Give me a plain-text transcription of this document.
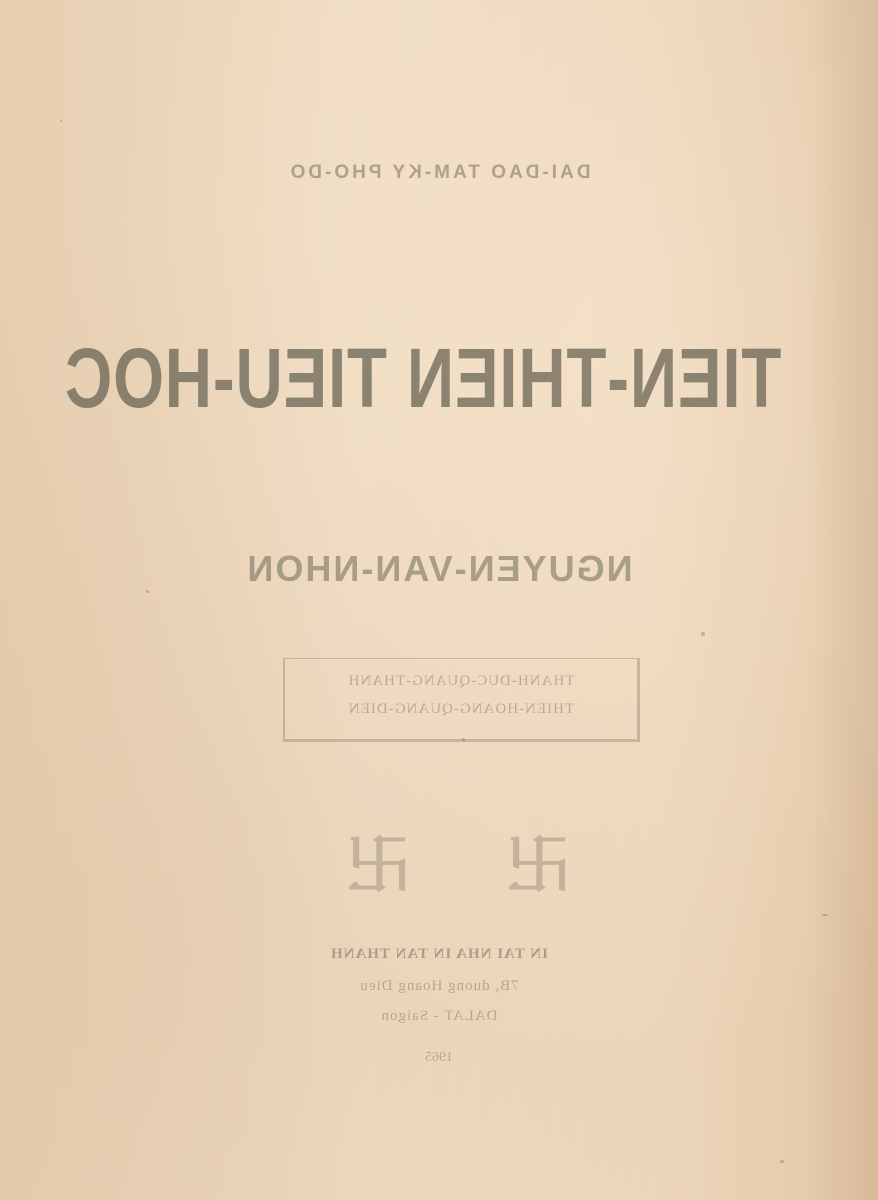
DAI-DAO TAM-KY PHO-DO
TIEN-THIEN TIEU-HOC
NGUYEN-VAN-NHON
THANH-DUC-QUANG-THANH
THIEN-HOANG-QUANG-DIEN
卍 卍
IN TAI NHA IN TAN THANH
7B, duong Hoang Dieu
DALAT - Saigon
1965
